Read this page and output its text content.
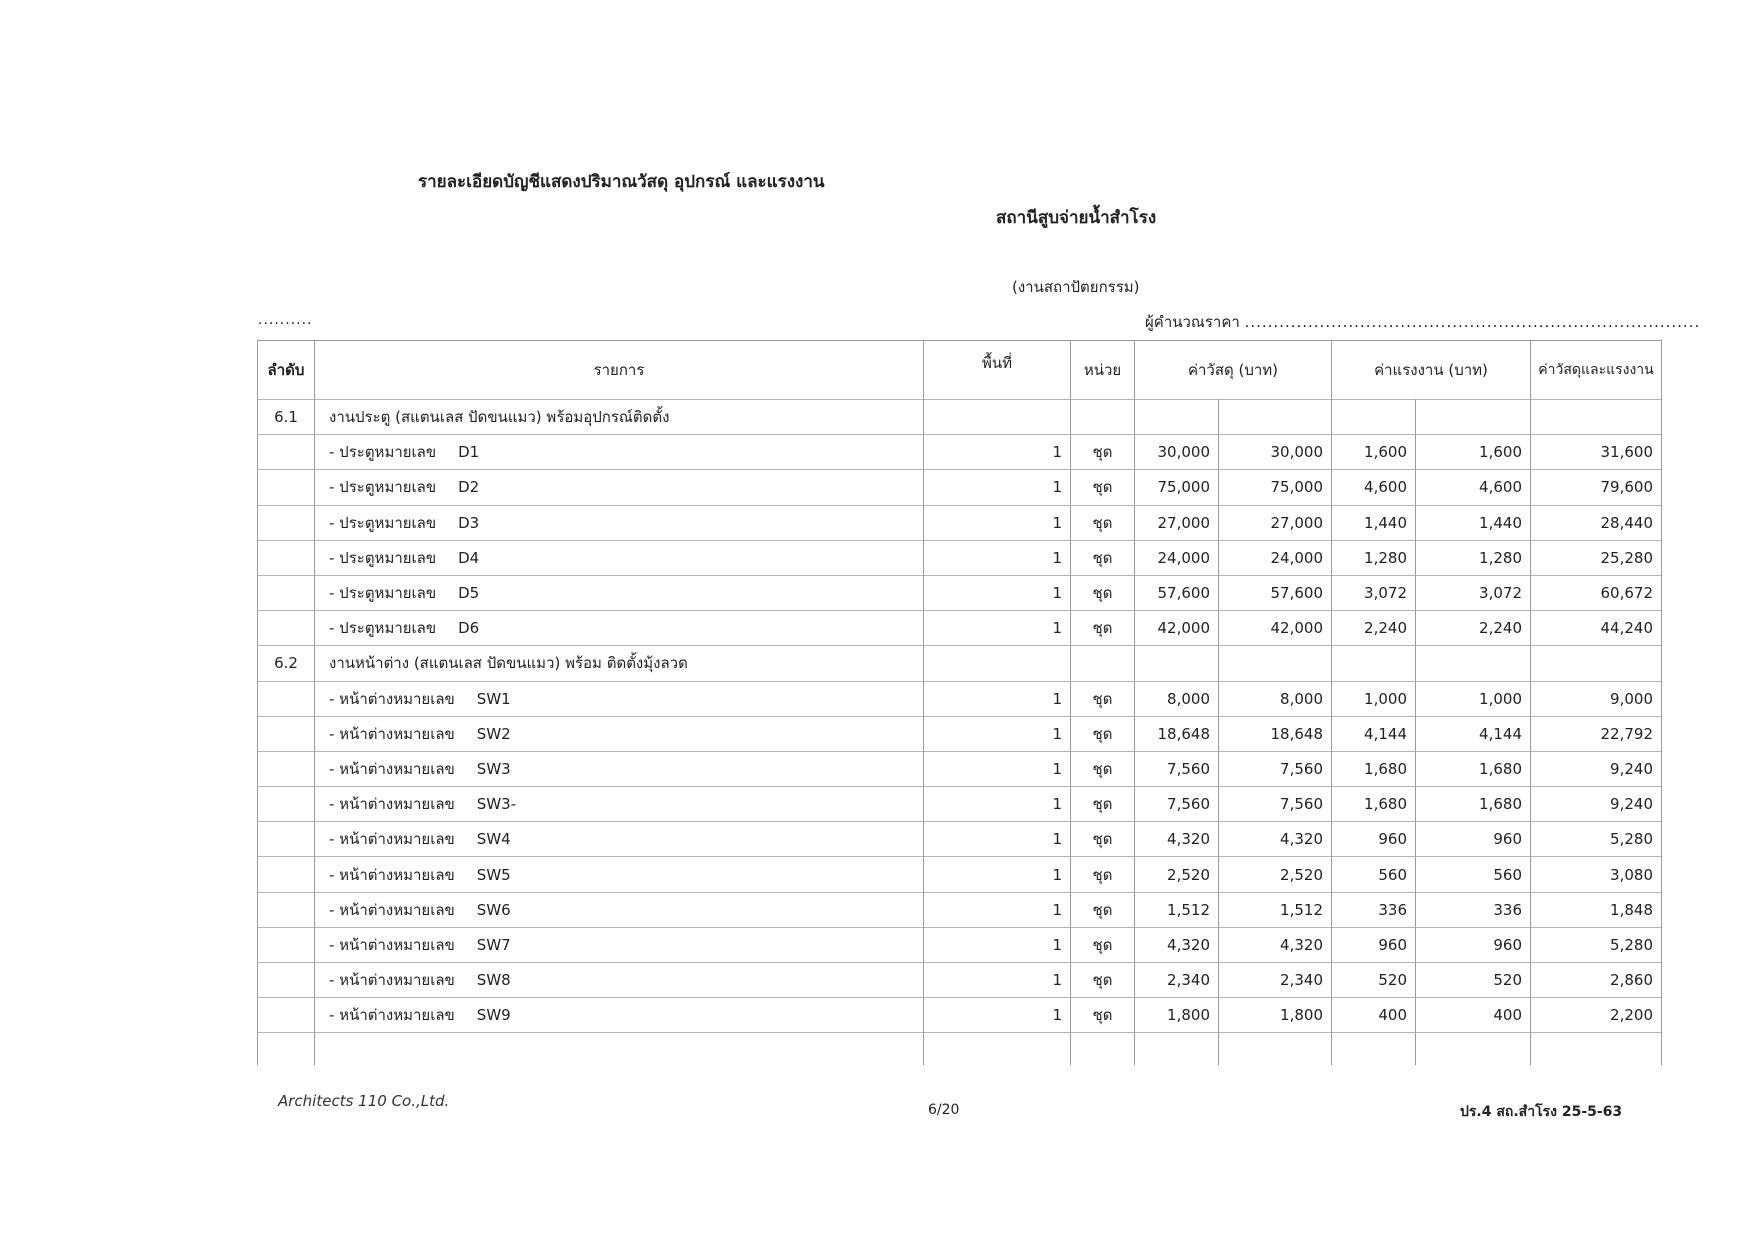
รายละเอียดบัญชีแสดงปริมาณวัสดุ อุปกรณ์ และแรงงาน
สถานีสูบจ่ายน้ำสำโรง
(งานสถาปัตยกรรม)
..........	ผู้คำนวณราคา ...............................................................................
ลำดับ	รายการ	พื้นที่	หน่วย	ค่าวัสดุ (บาท)		ค่าแรงงาน (บาท)		ค่าวัสดุและแรงงาน
6.1	งานประตู (สแตนเลส ปัดขนแมว) พร้อมอุปกรณ์ติดตั้ง							
	- ประตูหมายเลข D1	1	ชุด	30,000	30,000	1,600	1,600	31,600
	- ประตูหมายเลข D2	1	ชุด	75,000	75,000	4,600	4,600	79,600
	- ประตูหมายเลข D3	1	ชุด	27,000	27,000	1,440	1,440	28,440
	- ประตูหมายเลข D4	1	ชุด	24,000	24,000	1,280	1,280	25,280
	- ประตูหมายเลข D5	1	ชุด	57,600	57,600	3,072	3,072	60,672
	- ประตูหมายเลข D6	1	ชุด	42,000	42,000	2,240	2,240	44,240
6.2	งานหน้าต่าง (สแตนเลส ปัดขนแมว) พร้อม ติดตั้งมุ้งลวด							
	- หน้าต่างหมายเลข SW1	1	ชุด	8,000	8,000	1,000	1,000	9,000
	- หน้าต่างหมายเลข SW2	1	ชุด	18,648	18,648	4,144	4,144	22,792
	- หน้าต่างหมายเลข SW3	1	ชุด	7,560	7,560	1,680	1,680	9,240
	- หน้าต่างหมายเลข SW3-	1	ชุด	7,560	7,560	1,680	1,680	9,240
	- หน้าต่างหมายเลข SW4	1	ชุด	4,320	4,320	960	960	5,280
	- หน้าต่างหมายเลข SW5	1	ชุด	2,520	2,520	560	560	3,080
	- หน้าต่างหมายเลข SW6	1	ชุด	1,512	1,512	336	336	1,848
	- หน้าต่างหมายเลข SW7	1	ชุด	4,320	4,320	960	960	5,280
	- หน้าต่างหมายเลข SW8	1	ชุด	2,340	2,340	520	520	2,860
	- หน้าต่างหมายเลข SW9	1	ชุด	1,800	1,800	400	400	2,200

Architects 110 Co.,Ltd.	6/20	ปร.4 สถ.สำโรง 25-5-63
